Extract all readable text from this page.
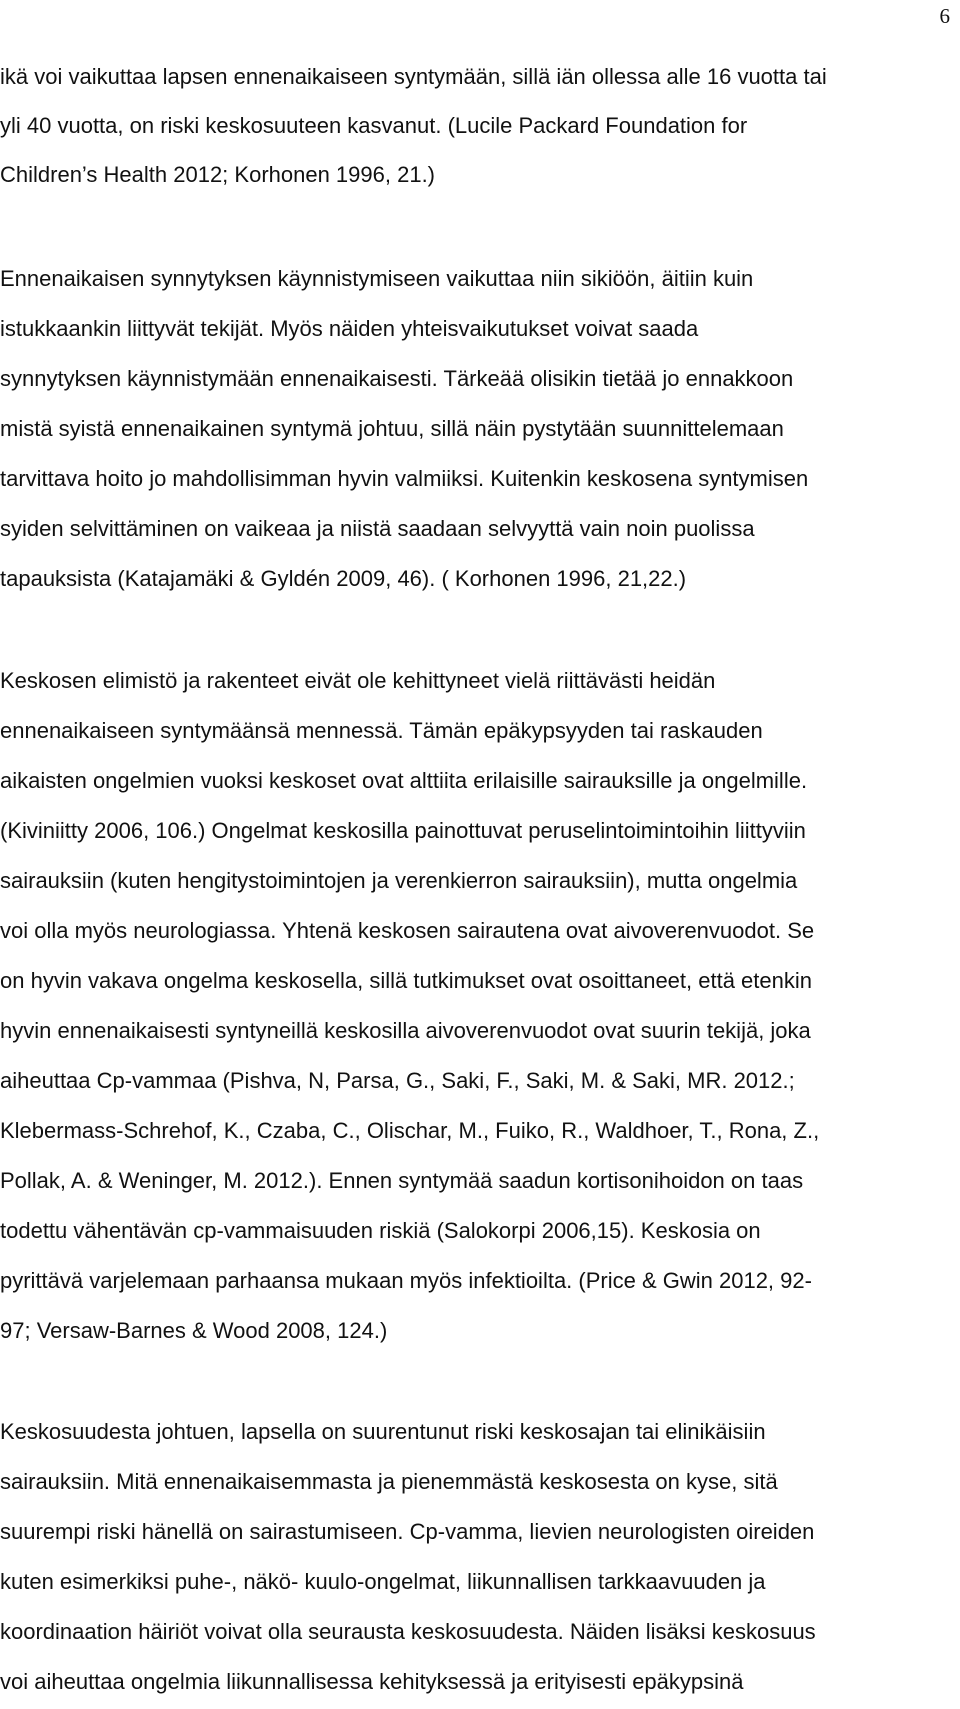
6
ikä voi vaikuttaa lapsen ennenaikaiseen syntymään, sillä iän ollessa alle 16 vuotta tai
yli 40 vuotta, on riski keskosuuteen kasvanut. (Lucile Packard Foundation for
Children’s Health 2012; Korhonen 1996, 21.)
Ennenaikaisen synnytyksen käynnistymiseen vaikuttaa niin sikiöön, äitiin kuin
istukkaankin liittyvät tekijät. Myös näiden yhteisvaikutukset voivat saada
synnytyksen käynnistymään ennenaikaisesti. Tärkeää olisikin tietää jo ennakkoon
mistä syistä ennenaikainen syntymä johtuu, sillä näin pystytään suunnittelemaan
tarvittava hoito jo mahdollisimman hyvin valmiiksi. Kuitenkin keskosena syntymisen
syiden selvittäminen on vaikeaa ja niistä saadaan selvyyttä vain noin puolissa
tapauksista (Katajamäki & Gyldén 2009, 46). ( Korhonen 1996, 21,22.)
Keskosen elimistö ja rakenteet eivät ole kehittyneet vielä riittävästi heidän
ennenaikaiseen syntymäänsä mennessä. Tämän epäkypsyyden tai raskauden
aikaisten ongelmien vuoksi keskoset ovat alttiita erilaisille sairauksille ja ongelmille.
(Kiviniitty 2006, 106.) Ongelmat keskosilla painottuvat peruselintoimintoihin liittyviin
sairauksiin (kuten hengitystoimintojen ja verenkierron sairauksiin), mutta ongelmia
voi olla myös neurologiassa. Yhtenä keskosen sairautena ovat aivoverenvuodot. Se
on hyvin vakava ongelma keskosella, sillä tutkimukset ovat osoittaneet, että etenkin
hyvin ennenaikaisesti syntyneillä keskosilla aivoverenvuodot ovat suurin tekijä, joka
aiheuttaa Cp-vammaa (Pishva, N, Parsa, G., Saki, F., Saki, M. & Saki, MR. 2012.;
Klebermass-Schrehof, K., Czaba, C., Olischar, M., Fuiko, R., Waldhoer, T., Rona, Z.,
Pollak, A. & Weninger, M. 2012.). Ennen syntymää saadun kortisonihoidon on taas
todettu vähentävän cp-vammaisuuden riskiä (Salokorpi 2006,15). Keskosia on
pyrittävä varjelemaan parhaansa mukaan myös infektioilta. (Price & Gwin 2012, 92-
97; Versaw-Barnes & Wood 2008, 124.)
Keskosuudesta johtuen, lapsella on suurentunut riski keskosajan tai elinikäisiin
sairauksiin. Mitä ennenaikaisemmasta ja pienemmästä keskosesta on kyse, sitä
suurempi riski hänellä on sairastumiseen. Cp-vamma, lievien neurologisten oireiden
kuten esimerkiksi puhe-, näkö- kuulo-ongelmat, liikunnallisen tarkkaavuuden ja
koordinaation häiriöt voivat olla seurausta keskosuudesta. Näiden lisäksi keskosuus
voi aiheuttaa ongelmia liikunnallisessa kehityksessä ja erityisesti epäkypsinä
